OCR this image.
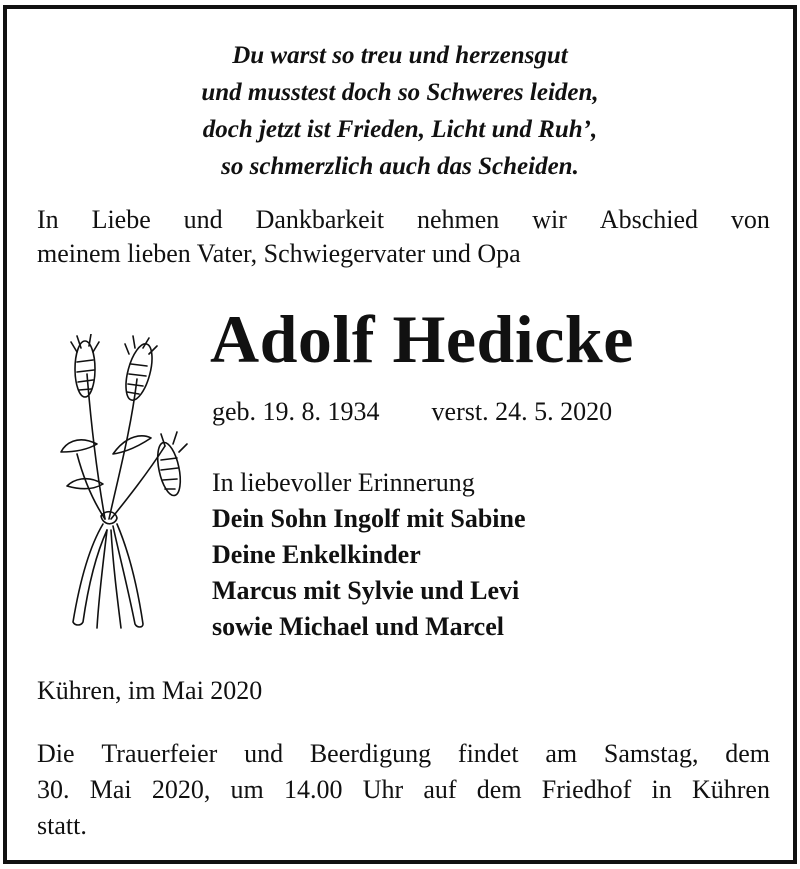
Du warst so treu und herzensgut
und musstest doch so Schweres leiden,
doch jetzt ist Frieden, Licht und Ruh’,
so schmerzlich auch das Scheiden.
In Liebe und Dankbarkeit nehmen wir Abschied von
meinem lieben Vater, Schwiegervater und Opa
Adolf Hedicke
geb. 19. 8. 1934 verst. 24. 5. 2020
In liebevoller Erinnerung
Dein Sohn Ingolf mit Sabine
Deine Enkelkinder
Marcus mit Sylvie und Levi
sowie Michael und Marcel
Kühren, im Mai 2020
Die Trauerfeier und Beerdigung findet am Samstag, dem
30. Mai 2020, um 14.00 Uhr auf dem Friedhof in Kühren
statt.
